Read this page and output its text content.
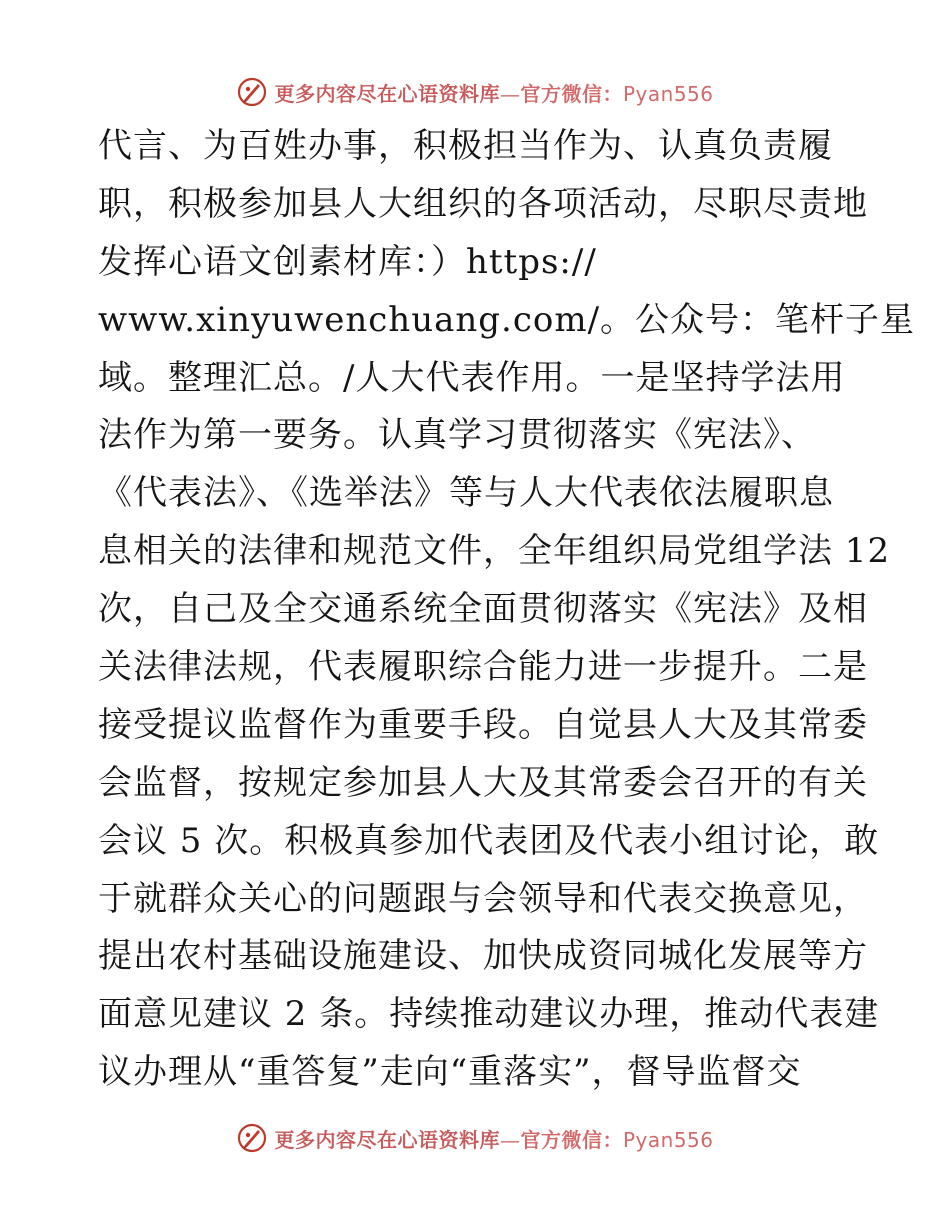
更多内容尽在心语资料库—官方微信：Pyan556
代言、为百姓办事，积极担当作为、认真负责履
职，积极参加县人大组织的各项活动，尽职尽责地
发挥心语文创素材库：）https://
www.xinyuwenchuang.com/。公众号：笔杆子星
域。整理汇总。/人大代表作用。一是坚持学法用
法作为第一要务。认真学习贯彻落实《宪法》、
《代表法》、《选举法》等与人大代表依法履职息
息相关的法律和规范文件，全年组织局党组学法 12
次，自己及全交通系统全面贯彻落实《宪法》及相
关法律法规，代表履职综合能力进一步提升。二是
接受提议监督作为重要手段。自觉县人大及其常委
会监督，按规定参加县人大及其常委会召开的有关
会议 5 次。积极真参加代表团及代表小组讨论，敢
于就群众关心的问题跟与会领导和代表交换意见，
提出农村基础设施建设、加快成资同城化发展等方
面意见建议 2 条。持续推动建议办理，推动代表建
议办理从“重答复”走向“重落实”，督导监督交
更多内容尽在心语资料库—官方微信：Pyan556
